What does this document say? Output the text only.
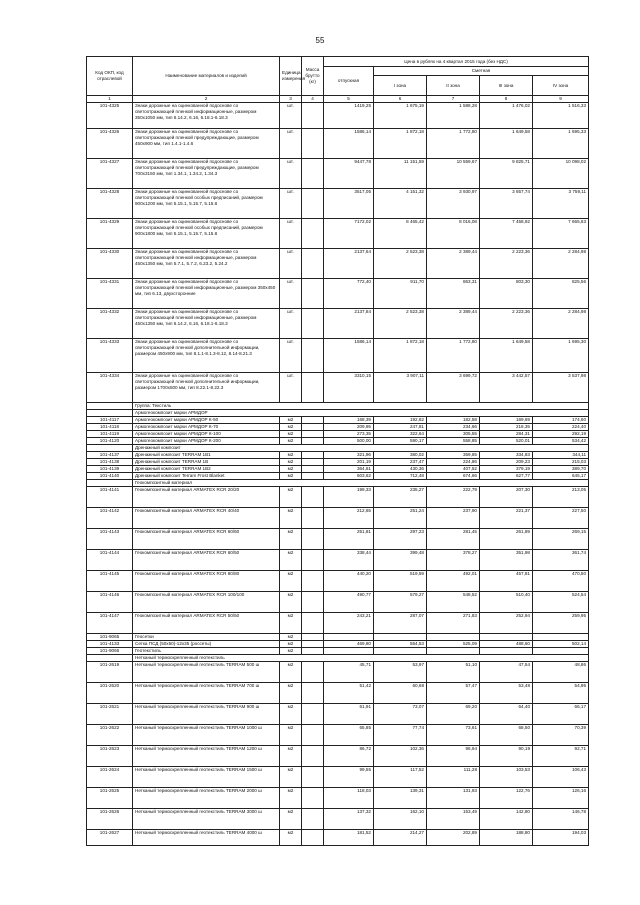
55
Код ОКП, код отраслевой	Наименование материалов и изделий	Единица измерения	Масса брутто (кг)	Цена в рублях на 4 квартал 2015 года (без НДС)				
				отпускная	Сметная			
					I зона	II зона	III зона	IV зона
1	2	3	4	5	6	7	8	9
101-4325	Знаки дорожные на оцинкованной подоснове со светоотражающей пленкой информационные, размером 350х1050 мм, тип 6.14.2, 6.16, 6.18.1-6.18.3	шт.		1419,25	1 675,19	1 588,28	1 476,02	1 516,33
101-4326	Знаки дорожные на оцинкованной подоснове со светоотражающей пленкой предупреждающие, размером 450х900 мм, тип 1.4.1-1.4.6	шт.		1586,14	1 872,18	1 772,80	1 649,58	1 695,33
101-4327	Знаки дорожные на оцинкованной подоснове со светоотражающей пленкой предупреждающие, размером 700х3150 мм, тип 1.34.1, 1.34.2, 1.34.3	шт.		9447,78	11 151,59	10 559,67	9 825,71	10 098,02
101-4328	Знаки дорожные на оцинкованной подоснове со светоотражающей пленкой особых предписаний, размером 900х1200 мм, тип 5.15.1, 5.15.7, 5.15.8	шт.		3517,05	4 151,32	3 930,97	3 657,74	3 759,11
101-4329	Знаки дорожные на оцинкованной подоснове со светоотражающей пленкой особых предписаний, размером 900х1800 мм, тип 5.15.1, 5.15.7, 5.15.8	шт.		7172,02	8 465,42	8 016,08	7 458,92	7 665,63
101-4330	Знаки дорожные на оцинкованной подоснове со светоотражающей пленкой информационные, размером 450х1350 мм, тип 5.7.1, 5.7.2, 6.23.2, 5.24.2	шт.		2137,64	2 523,38	2 389,44	2 223,36	2 284,98
101-4331	Знаки дорожные на оцинкованной подоснове со светоотражающей пленкой информационные, размером 350х450 мм, тип 6.13, двухсторонние	шт.		772,40	911,70	863,31	803,30	825,56
101-4332	Знаки дорожные на оцинкованной подоснове со светоотражающей пленкой информационные, размером 450х1350 мм, тип 6.14.2, 6.16, 6.18.1-6.18.3	шт.		2137,84	2 523,38	2 389,44	2 223,36	2 284,98
101-4333	Знаки дорожные на оцинкованной подоснове со светоотражающей пленкой дополнительной информации, размером 450х900 мм, тип 8.1.1-8.1.3-8.12, 8.14-8.21.3	шт.		1586,14	1 872,18	1 772,80	1 649,58	1 695,30
101-4334	Знаки дорожные на оцинкованной подоснове со светоотражающей пленкой дополнительной информации, размером 1700х500 мм, тип 8.22.1-8.22.3	шт.		3310,15	3 907,11	3 699,72	3 442,57	3 537,98
	Группа: Текстиль							
	Армогеокомпозит марки АРМДОР							
101-4117	Армогеокомпозит марки АРМДОР К-50	м2		168,39	192,62	182,58	169,69	174,60
101-4118	Армогеокомпозит марки АРМДОР К-70	м2		209,95	247,81	234,66	218,35	224,40
101-4119	Армогеокомпозит марки АРМДОР К-100	м2		273,35	322,64	305,55	284,31	292,19
101-4120	Армогеокомпозит марки АРМДОР К-200	м2		500,00	590,17	558,85	520,01	534,42
	Дренажный композит							
101-4137	Дренажный композит TERRAM 1B1	м2		321,96	380,02	359,85	334,83	344,11
101-4138	Дренажный композит TERRAM 1B	м2		201,19	237,47	224,86	209,23	215,03
101-4139	Дренажный композит TERRAM 1B2	м2		364,61	430,36	407,52	379,19	389,70
101-4140	Дренажный композит Terram Frost Blanket	м2		603,62	712,48	674,66	627,77	645,17
	Геокомпозитный материал							
101-4141	Геокомпозитный материал ARMATEX RCR 20/20	м2		199,33	235,27	222,79	207,30	213,05
101-4142	Геокомпозитный материал ARMATEX RCR 40/40	м2		212,65	251,24	237,90	221,37	227,50
101-4143	Геокомпозитный материал ARMATEX RCR 60/60	м2		251,81	297,23	281,45	261,89	269,15
101-4144	Геокомпозитный материал ARMATEX RCR 60/50	м2		338,44	399,48	378,27	351,98	361,74
101-4145	Геокомпозитный материал ARMATEX RCR 80/80	м2		440,20	519,59	492,01	457,81	470,50
101-4146	Геокомпозитный материал ARMATEX RCR 100/100	м2		490,77	579,27	548,52	510,40	524,54
101-4147	Геокомпозитный материал ARMATEX RCR 50/50	м2		243,21	287,07	271,83	252,94	259,95
101-9065	Геосетки	м2						
101-4133	Сетка ПСД (50х50)-12х35 (россеты)	м2		469,80	554,53	525,09	488,60	502,14
101-9066	Геотекстиль	м2						
	Нетканый термоскрепленный геотекстиль							
101-2619	Нетканый термоскрепленный геотекстиль TERRAM 500 ш	м2		45,71	53,97	51,10	47,54	48,86
101-2620	Нетканый термоскрепленный геотекстиль TERRAM 700 ш	м2		51,42	60,68	57,47	53,48	54,95
101-2621	Нетканый термоскрепленный геотекстиль TERRAM 900 ш	м2		61,91	73,07	69,20	64,40	66,17
101-2622	Нетканый термоскрепленный геотекстиль TERRAM 1000 ш	м2		65,85	77,74	73,61	68,50	70,39
101-2623	Нетканый термоскрепленный геотекстиль TERRAM 1200 ш	м2		86,72	102,36	96,94	90,19	92,71
101-2624	Нетканый термоскрепленный геотекстиль TERRAM 1500 ш	м2		99,55	117,52	111,28	103,53	106,43
101-2625	Нетканый термоскрепленный геотекстиль TERRAM 2000 ш	м2		118,03	139,31	131,93	122,76	126,16
101-2626	Нетканый термоскрепленный геотекстиль TERRAM 3000 ш	м2		137,32	162,10	153,49	142,80	146,78
101-2627	Нетканый термоскрепленный геотекстиль TERRAM 4000 ш	м2		181,52	214,27	202,89	188,80	194,03
